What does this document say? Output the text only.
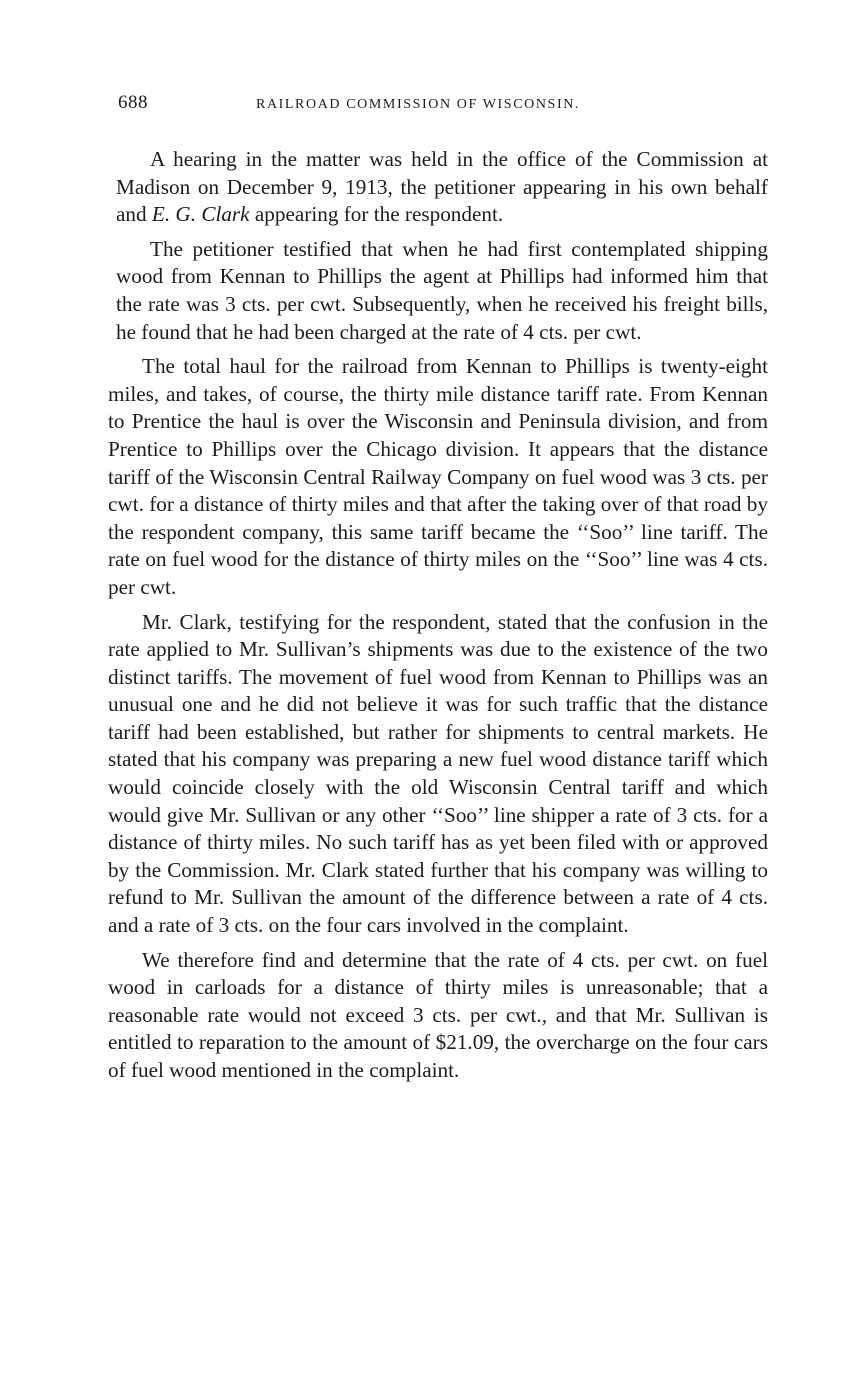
688	RAILROAD COMMISSION OF WISCONSIN.

A hearing in the matter was held in the office of the Commission at Madison on December 9, 1913, the petitioner appearing in his own behalf and E. G. Clark appearing for the respondent.

The petitioner testified that when he had first contemplated shipping wood from Kennan to Phillips the agent at Phillips had informed him that the rate was 3 cts. per cwt. Subsequently, when he received his freight bills, he found that he had been charged at the rate of 4 cts. per cwt.

The total haul for the railroad from Kennan to Phillips is twenty-eight miles, and takes, of course, the thirty mile distance tariff rate. From Kennan to Prentice the haul is over the Wisconsin and Peninsula division, and from Prentice to Phillips over the Chicago division. It appears that the distance tariff of the Wisconsin Central Railway Company on fuel wood was 3 cts. per cwt. for a distance of thirty miles and that after the taking over of that road by the respondent company, this same tariff became the ‘‘Soo’’ line tariff. The rate on fuel wood for the distance of thirty miles on the ‘‘Soo’’ line was 4 cts. per cwt.

Mr. Clark, testifying for the respondent, stated that the confusion in the rate applied to Mr. Sullivan’s shipments was due to the existence of the two distinct tariffs. The movement of fuel wood from Kennan to Phillips was an unusual one and he did not believe it was for such traffic that the distance tariff had been established, but rather for shipments to central markets. He stated that his company was preparing a new fuel wood distance tariff which would coincide closely with the old Wisconsin Central tariff and which would give Mr. Sullivan or any other ‘‘Soo’’ line shipper a rate of 3 cts. for a distance of thirty miles. No such tariff has as yet been filed with or approved by the Commission. Mr. Clark stated further that his company was willing to refund to Mr. Sullivan the amount of the difference between a rate of 4 cts. and a rate of 3 cts. on the four cars involved in the complaint.

We therefore find and determine that the rate of 4 cts. per cwt. on fuel wood in carloads for a distance of thirty miles is unreasonable; that a reasonable rate would not exceed 3 cts. per cwt., and that Mr. Sullivan is entitled to reparation to the amount of $21.09, the overcharge on the four cars of fuel wood mentioned in the complaint.
